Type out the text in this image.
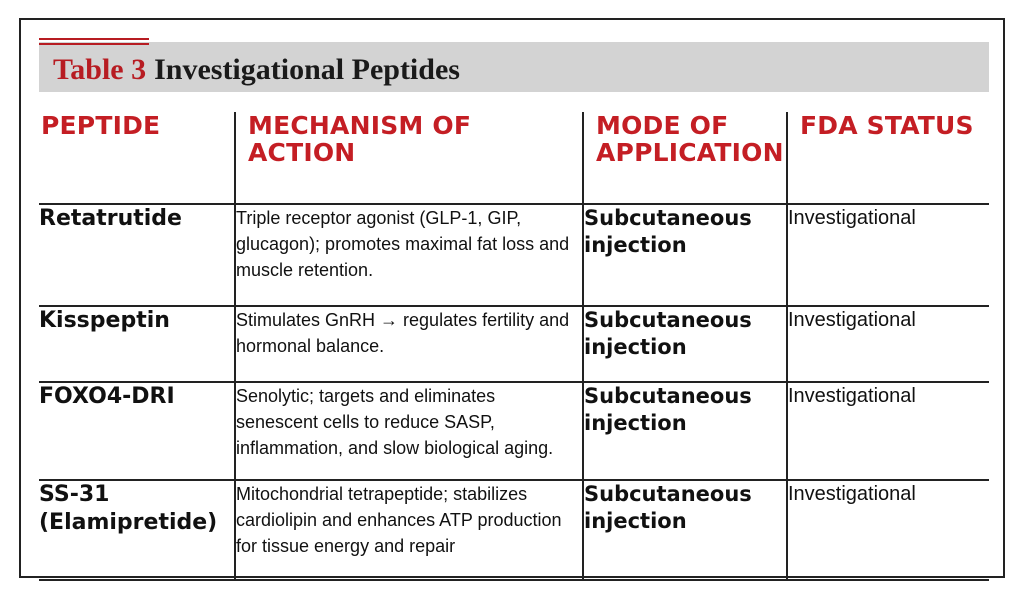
Table 3 Investigational Peptides
PEPTIDE	MECHANISM OF ACTION	MODE OF APPLICATION	FDA STATUS
Retatrutide	Triple receptor agonist (GLP-1, GIP, glucagon); promotes maximal fat loss and muscle retention.	Subcutaneous injection	Investigational
Kisspeptin	Stimulates GnRH → regulates fertility and hormonal balance.	Subcutaneous injection	Investigational
FOXO4-DRI	Senolytic; targets and eliminates senescent cells to reduce SASP, inflammation, and slow biological aging.	Subcutaneous injection	Investigational
SS-31 (Elamipretide)	Mitochondrial tetrapeptide; stabilizes cardiolipin and enhances ATP production for tissue energy and repair	Subcutaneous injection	Investigational
